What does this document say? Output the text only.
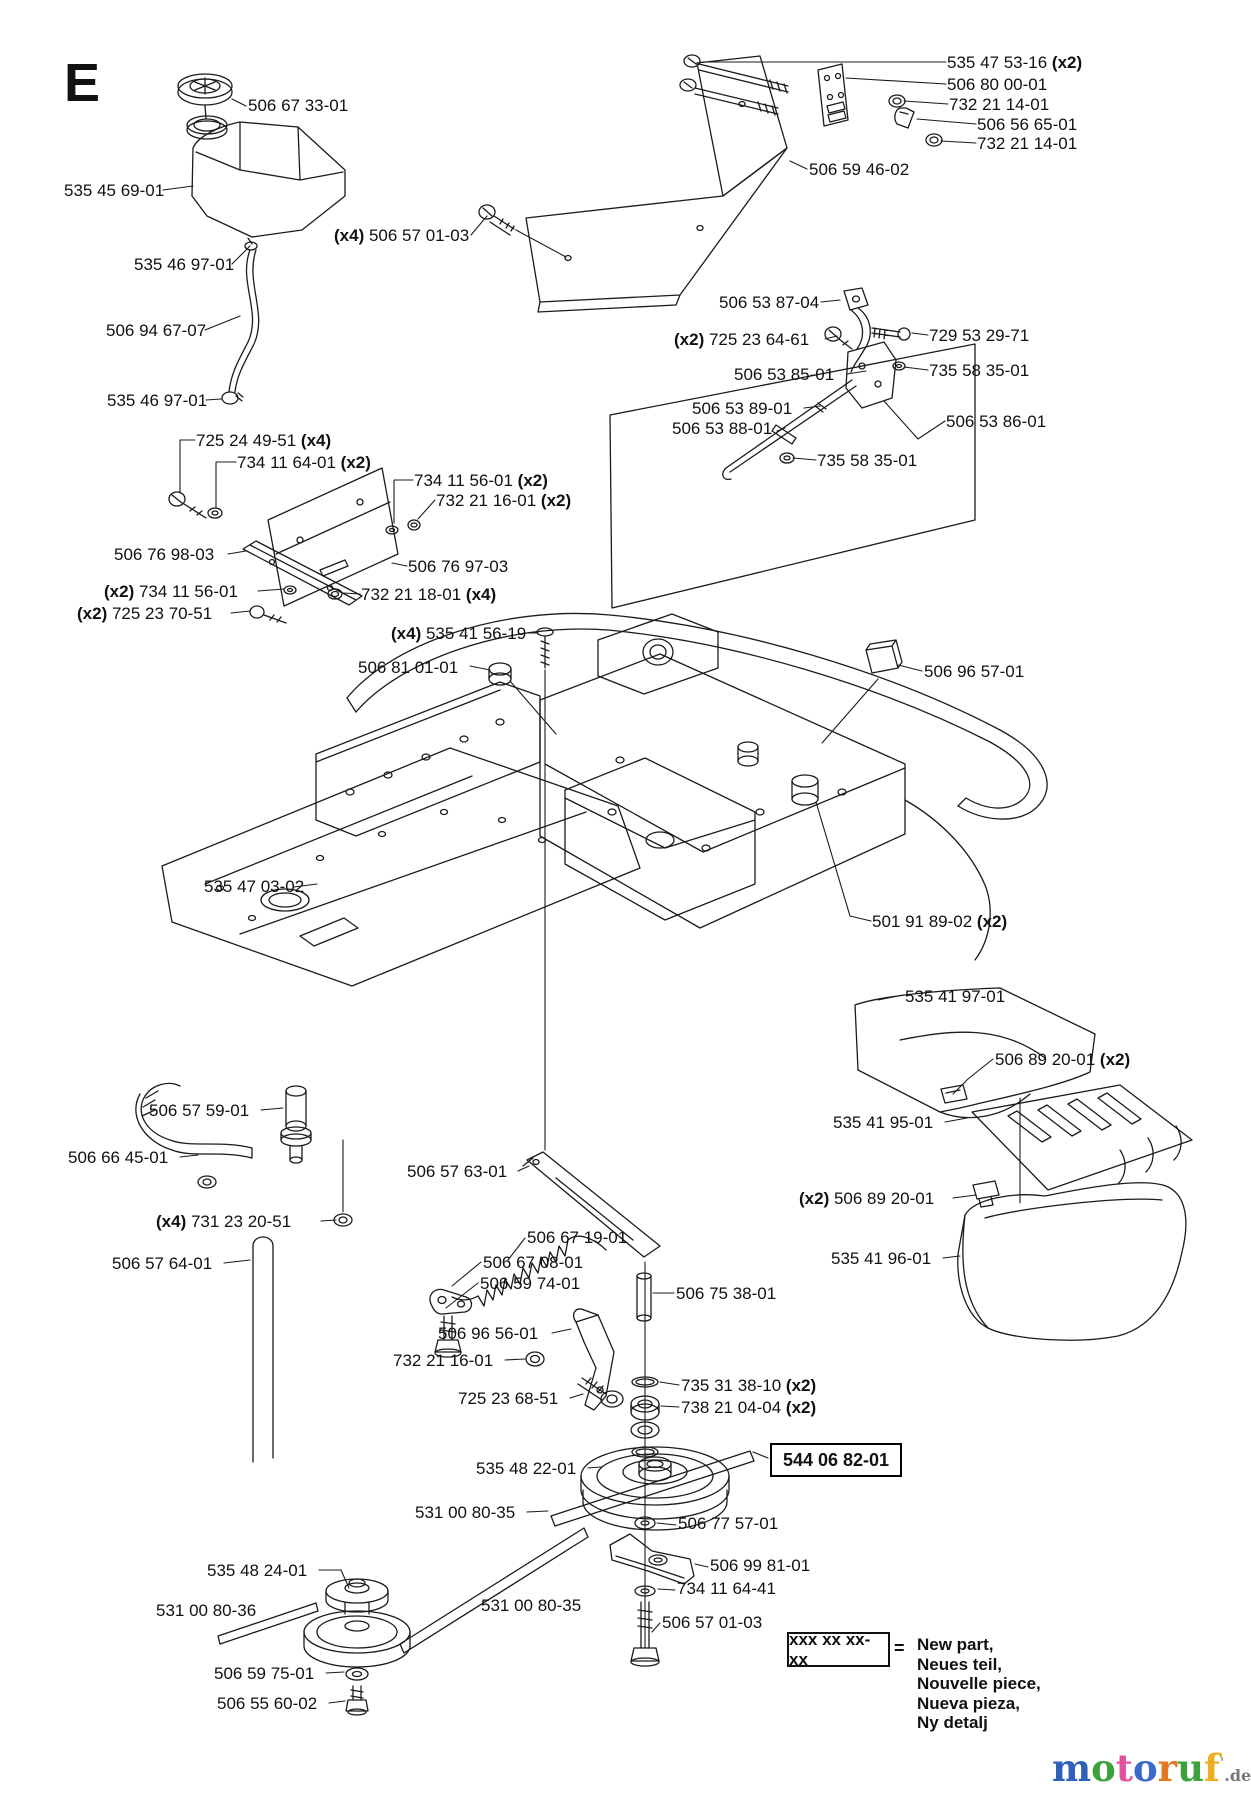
E	506 67 33-01
535 45 69-01
535 46 97-01
506 94 67-07
535 46 97-01
(x4) 506 57 01-03
535 47 53-16 (x2)
506 80 00-01
732 21 14-01
506 56 65-01
732 21 14-01
506 59 46-02
506 53 87-04
(x2) 725 23 64-61	729 53 29-71
506 53 85-01	735 58 35-01
506 53 89-01
506 53 88-01	506 53 86-01
735 58 35-01
725 24 49-51 (x4)
734 11 64-01 (x2)
734 11 56-01 (x2)
732 21 16-01 (x2)
506 76 98-03
506 76 97-03
(x2) 734 11 56-01	732 21 18-01 (x4)
(x2) 725 23 70-51
(x4) 535 41 56-19
506 81 01-01	506 96 57-01
535 47 03-02
501 91 89-02 (x2)
535 41 97-01
506 89 20-01 (x2)
535 41 95-01
(x2) 506 89 20-01
535 41 96-01
506 57 59-01
506 66 45-01
506 57 63-01
(x4) 731 23 20-51
506 57 64-01
506 67 19-01
506 67 08-01
506 59 74-01
506 75 38-01
506 96 56-01
732 21 16-01
725 23 68-51
735 31 38-10 (x2)
738 21 04-04 (x2)
535 48 22-01
531 00 80-35
506 77 57-01
506 99 81-01
734 11 64-41
531 00 80-35
506 57 01-03
535 48 24-01
531 00 80-36
506 59 75-01
506 55 60-02
544 06 82-01
xxx xx xx-xx
= New part,
Neues teil,
Nouvelle piece,
Nueva pieza,
Ny detalj
motoruf'.de
